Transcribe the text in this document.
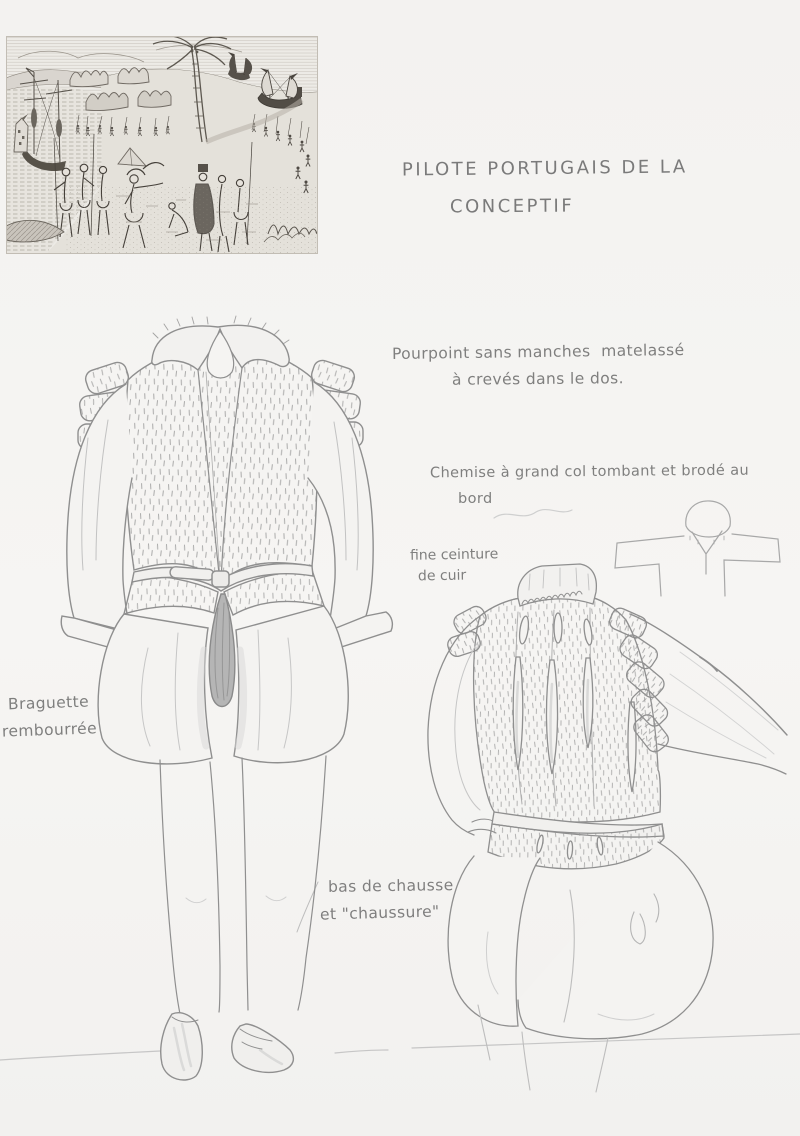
PILOTE PORTUGAIS DE LA
CONCEPTIF
Pourpoint sans manches  matelassé
à crevés dans le dos.
Chemise à grand col tombant et brodé au
bord
fine ceinture
de cuir
Braguette
rembourrée
bas de chausse
et "chaussure"
